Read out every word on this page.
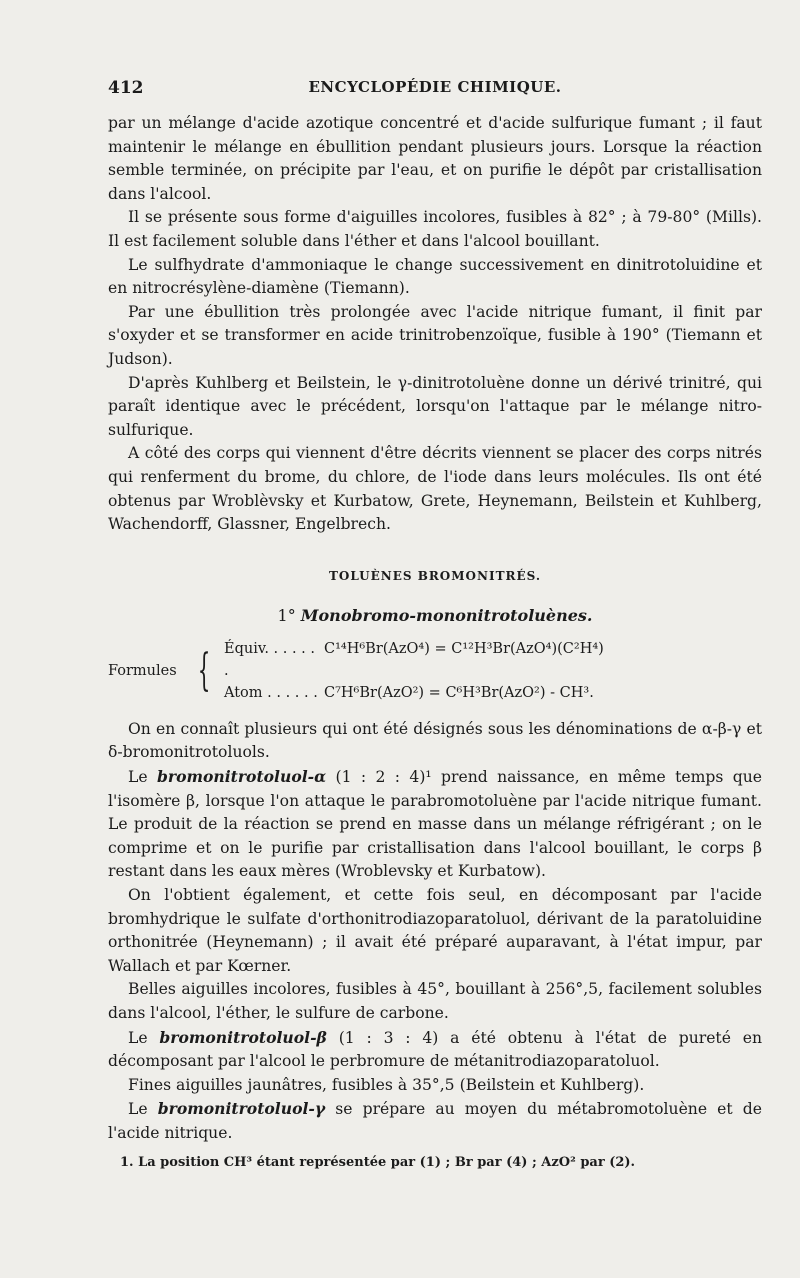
412	ENCYCLOPÉDIE CHIMIQUE.

par un mélange d'acide azotique concentré et d'acide sulfurique fumant ; il faut maintenir le mélange en ébullition pendant plusieurs jours. Lorsque la réaction semble terminée, on précipite par l'eau, et on purifie le dépôt par cristallisation dans l'alcool.

Il se présente sous forme d'aiguilles incolores, fusibles à 82° ; à 79-80° (Mills). Il est facilement soluble dans l'éther et dans l'alcool bouillant.

Le sulfhydrate d'ammoniaque le change successivement en dinitrotoluidine et en nitrocrésylène-diamène (Tiemann).

Par une ébullition très prolongée avec l'acide nitrique fumant, il finit par s'oxyder et se transformer en acide trinitrobenzoïque, fusible à 190° (Tiemann et Judson).

D'après Kuhlberg et Beilstein, le γ-dinitrotoluène donne un dérivé trinitré, qui paraît identique avec le précédent, lorsqu'on l'attaque par le mélange nitro-sulfurique.

A côté des corps qui viennent d'être décrits viennent se placer des corps nitrés qui renferment du brome, du chlore, de l'iode dans leurs molécules. Ils ont été obtenus par Wroblèvsky et Kurbatow, Grete, Heynemann, Beilstein et Kuhlberg, Wachendorff, Glassner, Engelbrech.

TOLUÈNES BROMONITRÉS.
1° Monobromo-mononitrotoluènes.
Formules { Équiv. . . . . . .
C¹⁴H⁶Br(AzO⁴) = C¹²H³Br(AzO⁴)(C²H⁴)
Atom . . . . . . C⁷H⁶Br(AzO²) = C⁶H³Br(AzO²) - CH³.

On en connaît plusieurs qui ont été désignés sous les dénominations de α-β-γ et δ-bromonitrotoluols.

Le bromonitrotoluol-α (1 : 2 : 4)¹ prend naissance, en même temps que l'isomère β, lorsque l'on attaque le parabromotoluène par l'acide nitrique fumant. Le produit de la réaction se prend en masse dans un mélange réfrigérant ; on le comprime et on le purifie par cristallisation dans l'alcool bouillant, le corps β restant dans les eaux mères (Wroblevsky et Kurbatow).

On l'obtient également, et cette fois seul, en décomposant par l'acide bromhydrique le sulfate d'orthonitrodiazoparatoluol, dérivant de la paratoluidine orthonitrée (Heynemann) ; il avait été préparé auparavant, à l'état impur, par Wallach et par Kœrner.

Belles aiguilles incolores, fusibles à 45°, bouillant à 256°,5, facilement solubles dans l'alcool, l'éther, le sulfure de carbone.

Le bromonitrotoluol-β (1 : 3 : 4) a été obtenu à l'état de pureté en décomposant par l'alcool le perbromure de métanitrodiazoparatoluol.

Fines aiguilles jaunâtres, fusibles à 35°,5 (Beilstein et Kuhlberg).

Le bromonitrotoluol-γ se prépare au moyen du métabromotoluène et de l'acide nitrique.

1. La position CH³ étant représentée par (1) ; Br par (4) ; AzO² par (2).
